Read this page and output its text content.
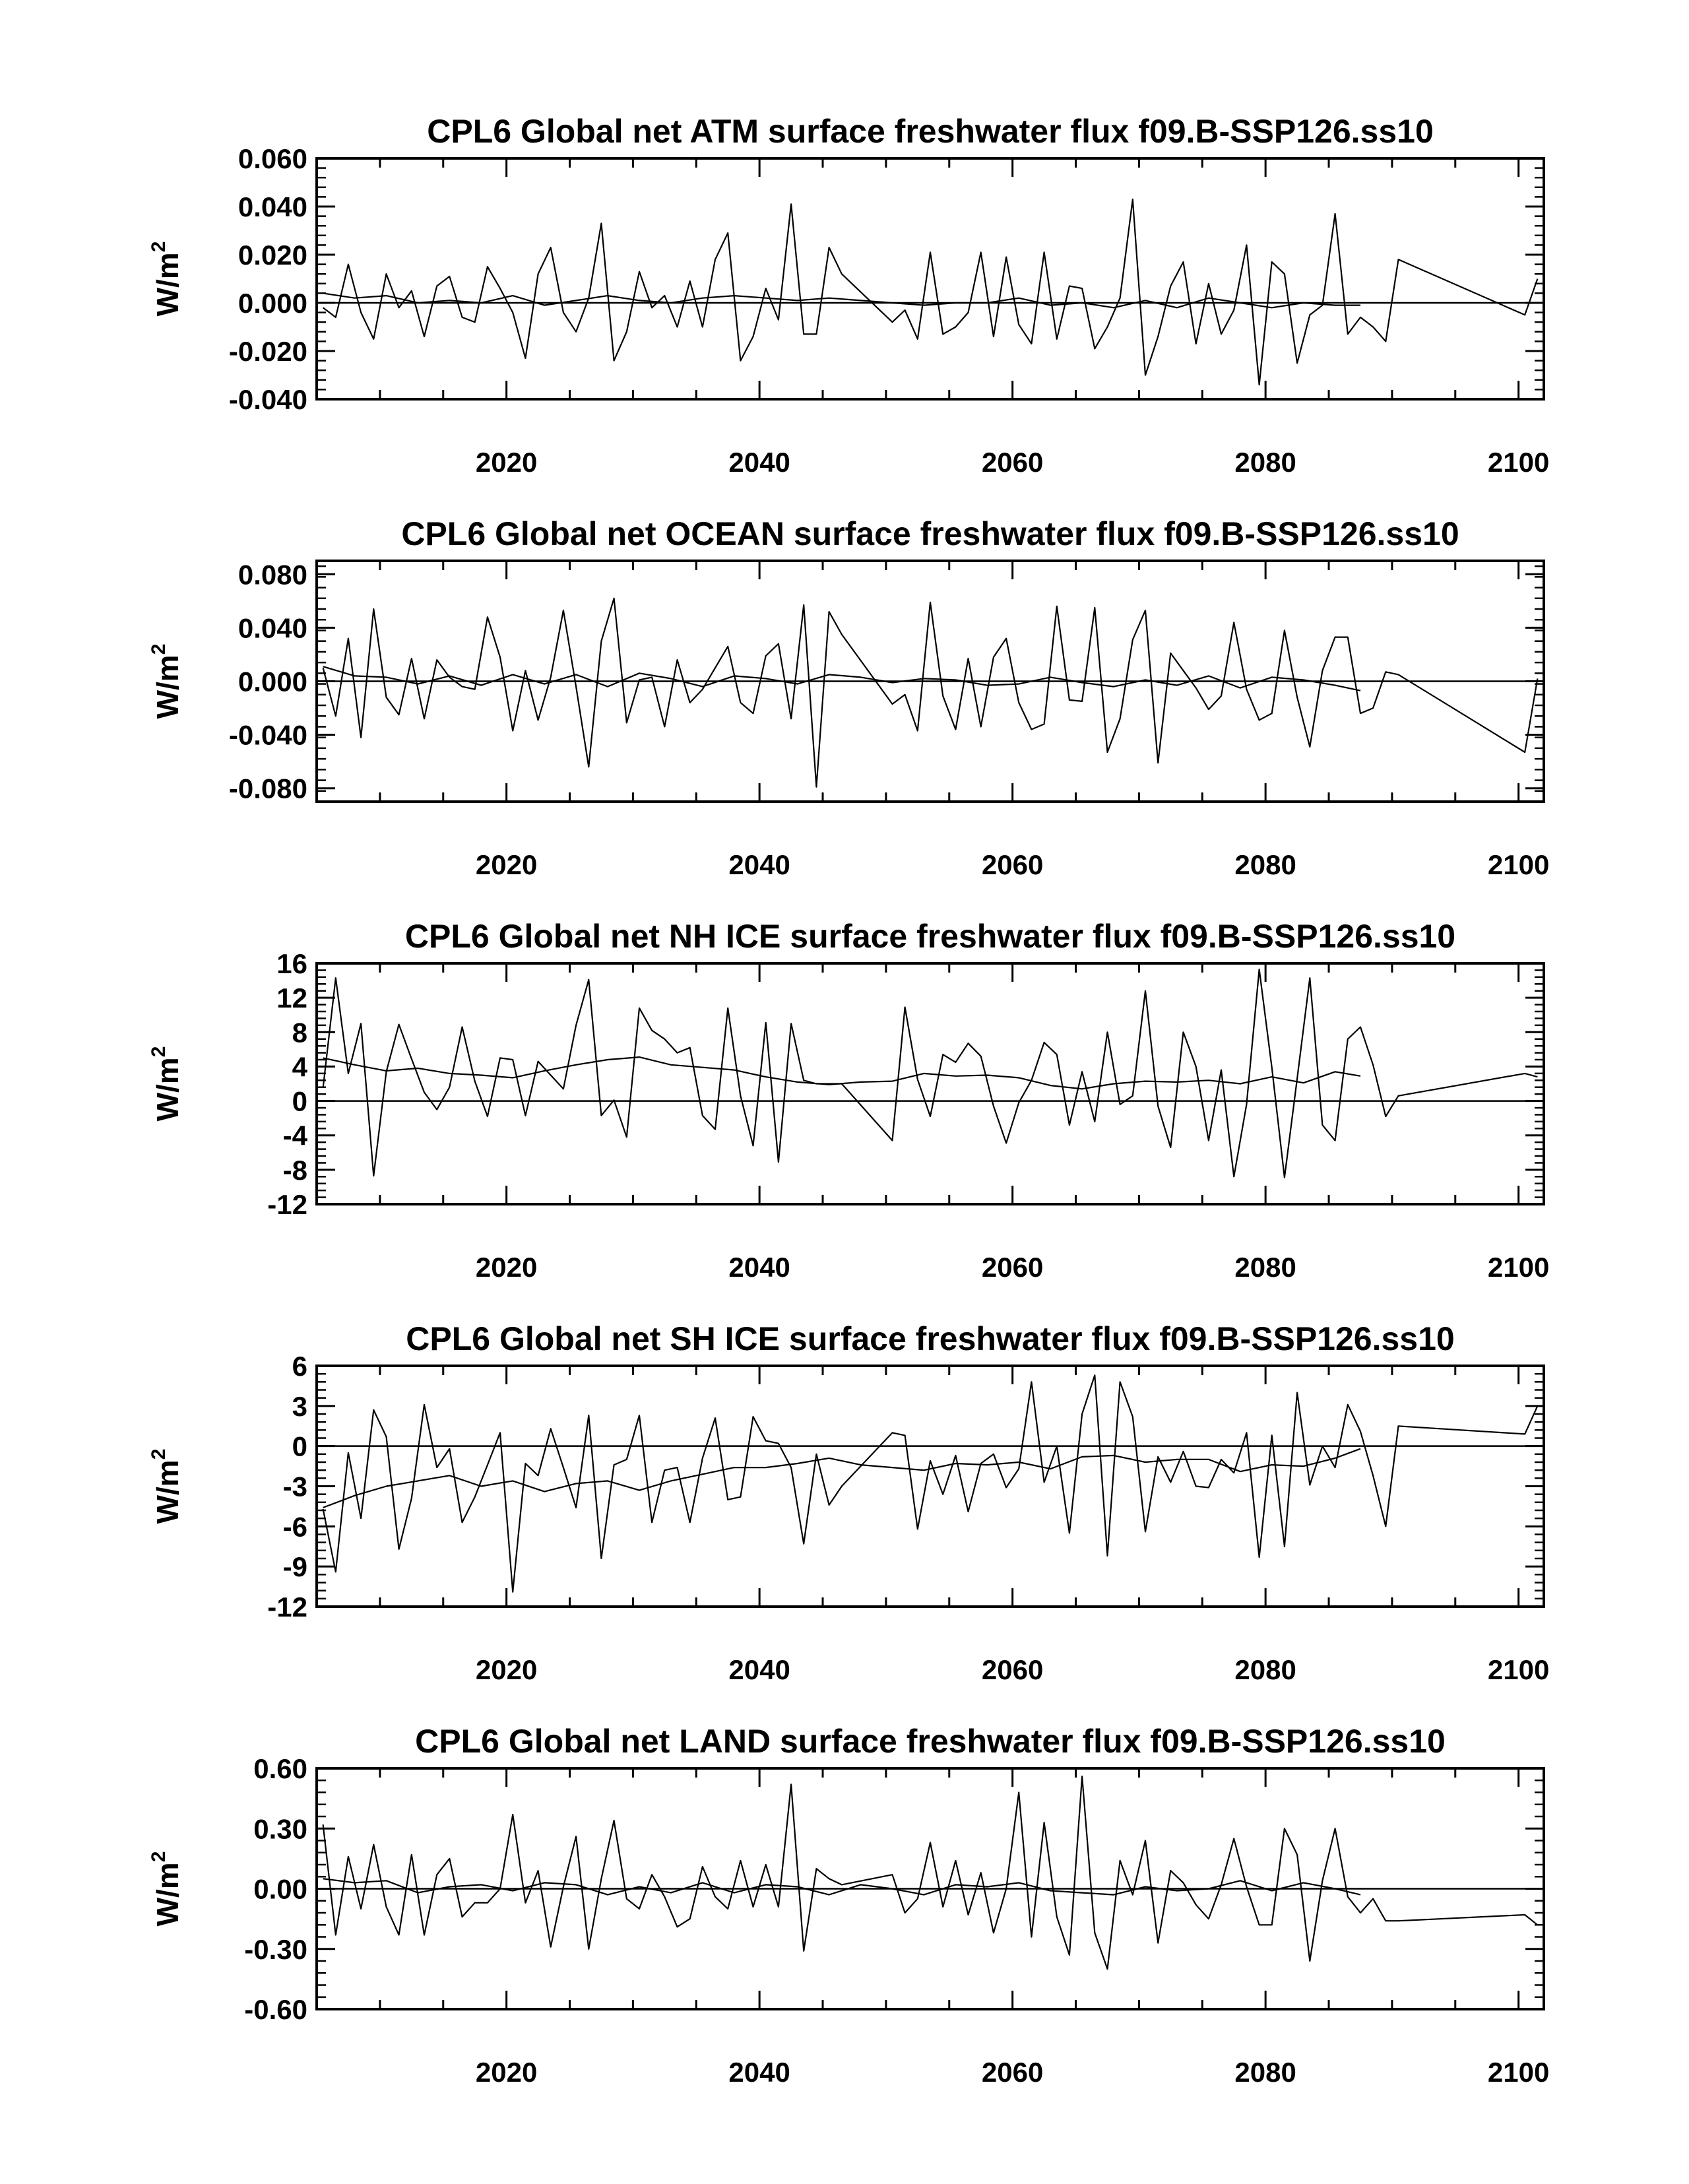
CPL6 Global net ATM surface freshwater flux f09.B-SSP126.ss10
0.060
0.040
0.020
0.000
-0.020
-0.040
2020	2040	2060	2080	2100
$W/m^2$
CPL6 Global net OCEAN surface freshwater flux f09.B-SSP126.ss10
0.080
0.040
0.000
-0.040
-0.080
2020	2040	2060	2080	2100
$W/m^2$
CPL6 Global net NH ICE surface freshwater flux f09.B-SSP126.ss10
16
12
8
4
0
-4
-8
-12
2020	2040	2060	2080	2100
$W/m^2$
CPL6 Global net SH ICE surface freshwater flux f09.B-SSP126.ss10
6
3
0
-3
-6
-9
-12
2020	2040	2060	2080	2100
$W/m^2$
CPL6 Global net LAND surface freshwater flux f09.B-SSP126.ss10
0.60
0.30
0.00
-0.30
-0.60
2020	2040	2060	2080	2100
$W/m^2$
